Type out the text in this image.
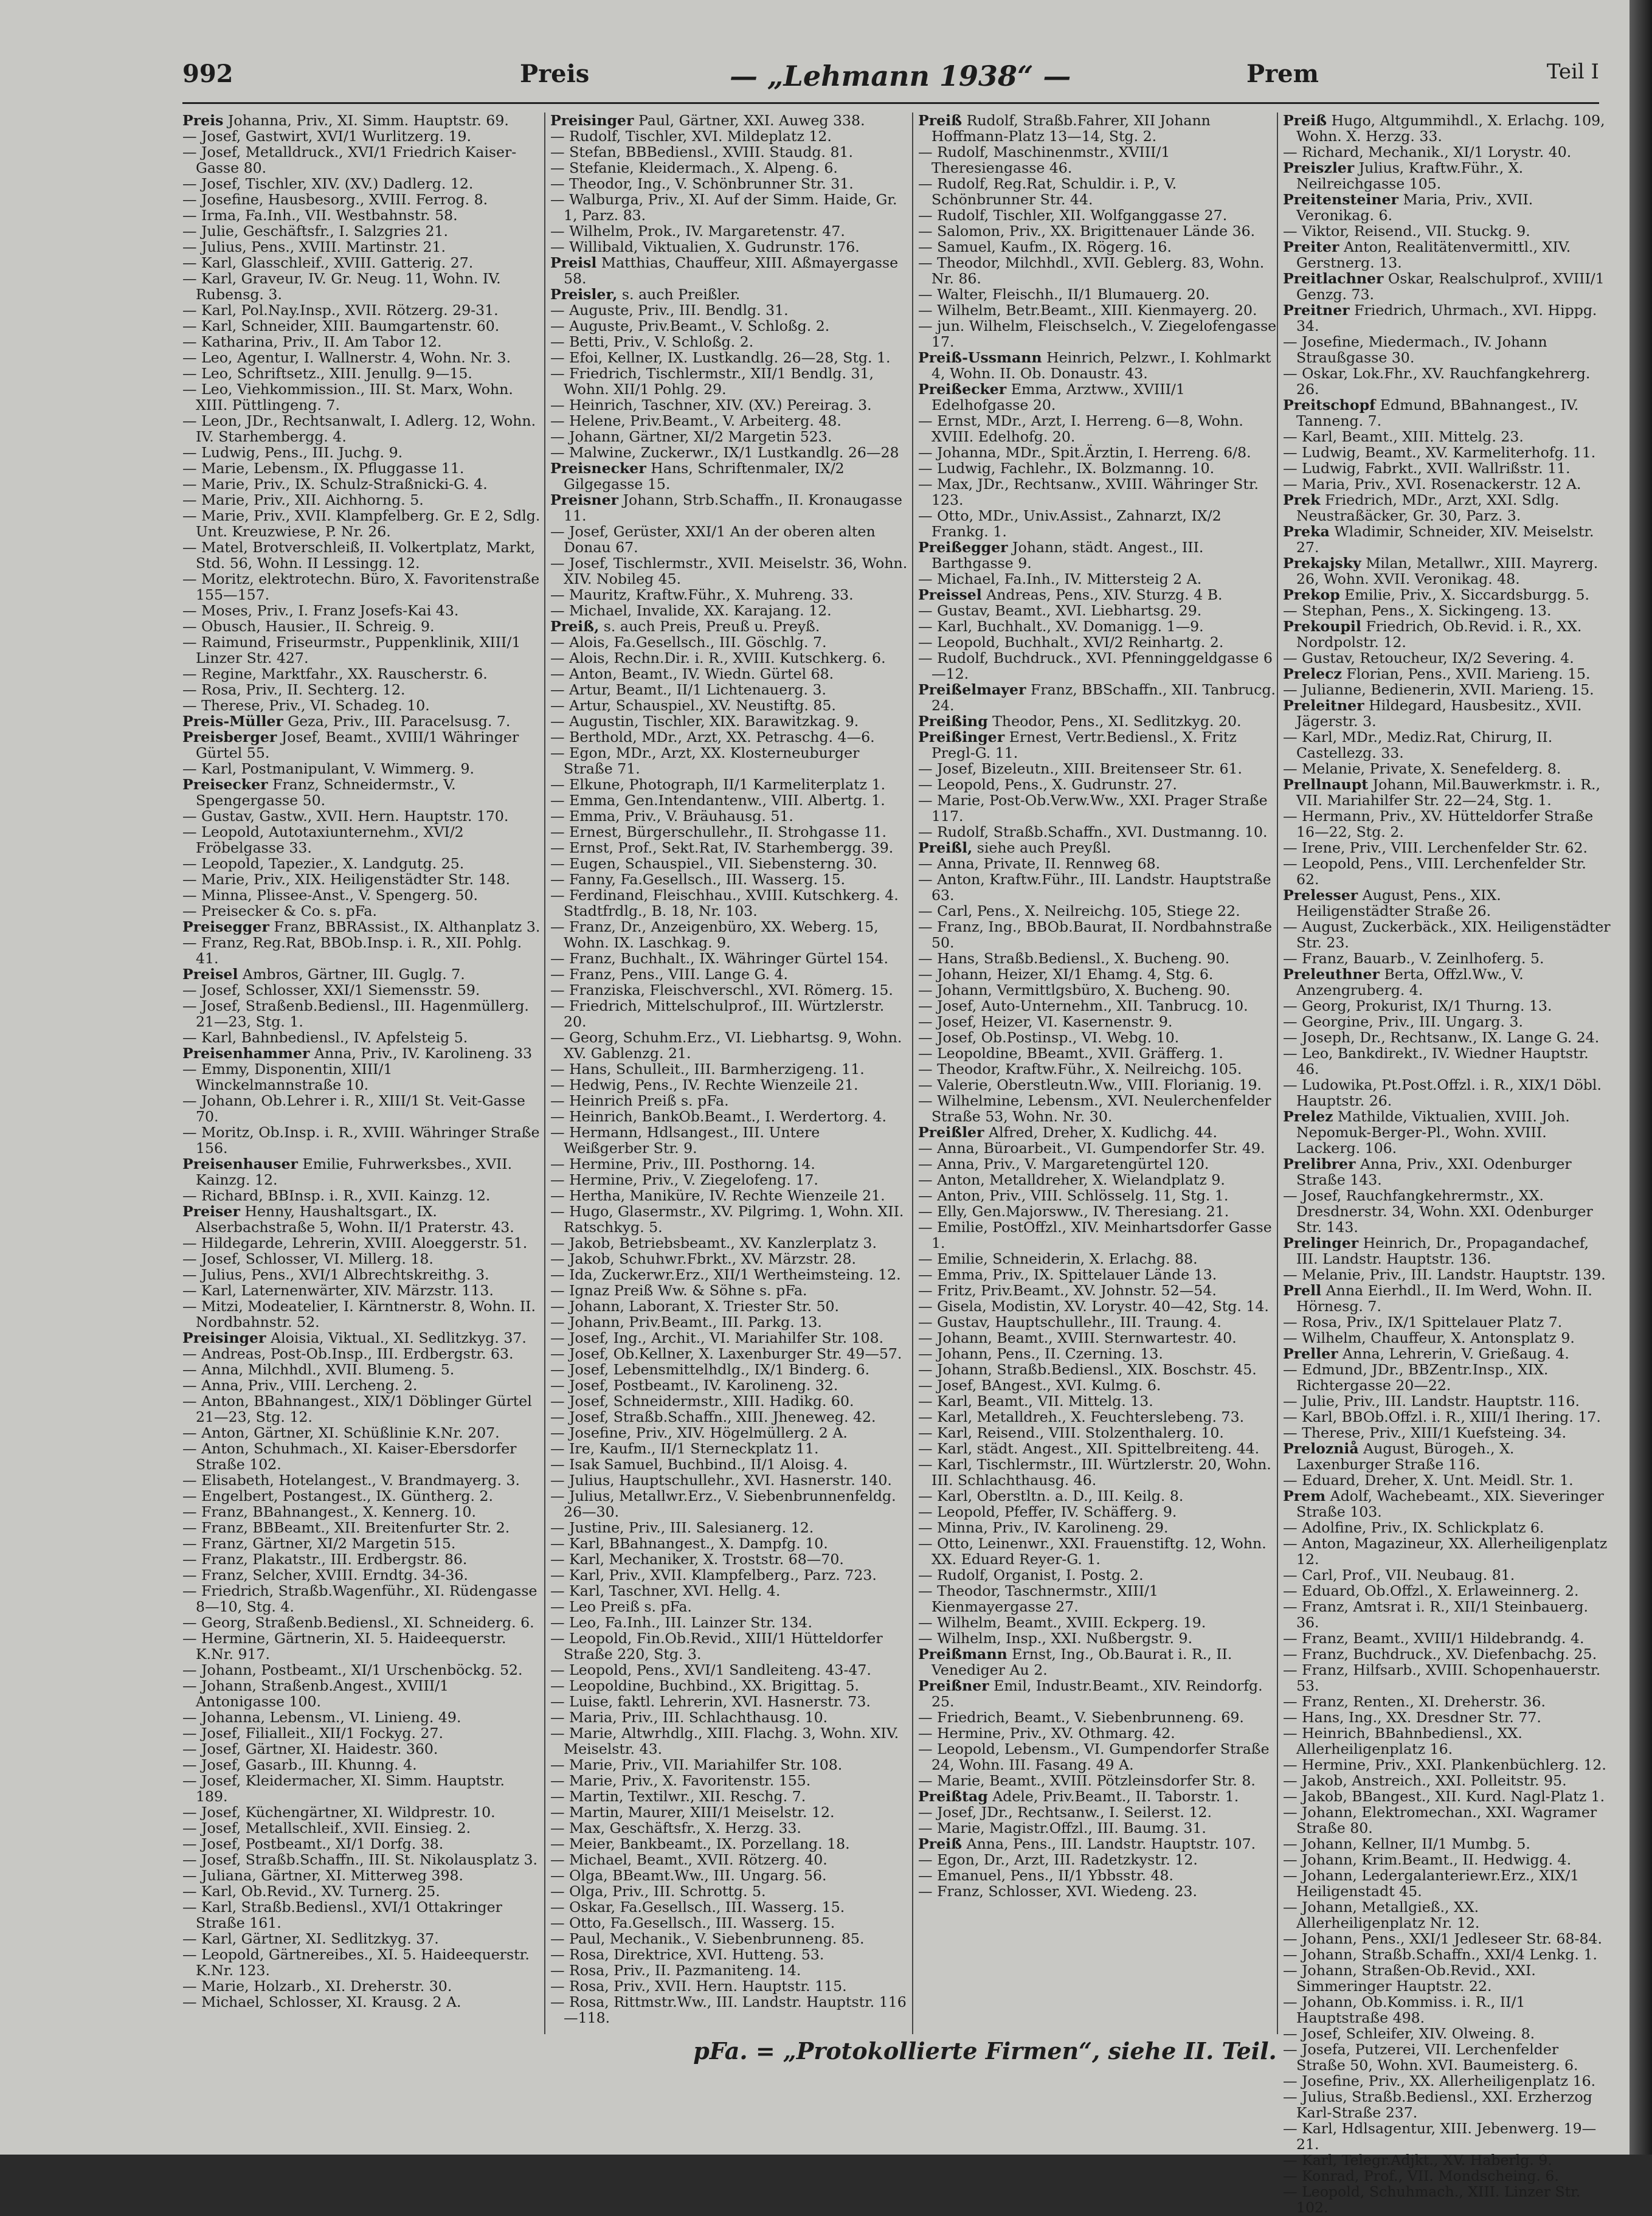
992	Preis	— „Lehmann 1938“ —	Prem	Teil I

Preis Johanna, Priv., XI. Simm. Hauptstr. 69.

— Josef, Gastwirt, XVI/1 Wurlitzerg. 19.

— Josef, Metalldruck., XVI/1 Friedrich Kaiser-Gasse 80.

— Josef, Tischler, XIV. (XV.) Dadlerg. 12.

— Josefine, Hausbesorg., XVIII. Ferrog. 8.

— Irma, Fa.Inh., VII. Westbahnstr. 58.

— Julie, Geschäftsfr., I. Salzgries 21.

— Julius, Pens., XVIII. Martinstr. 21.

— Karl, Glasschleif., XVIII. Gatterig. 27.

— Karl, Graveur, IV. Gr. Neug. 11, Wohn. IV. Rubensg. 3.

— Karl, Pol.Nay.Insp., XVII. Rötzerg. 29-31.

— Karl, Schneider, XIII. Baumgartenstr. 60.

— Katharina, Priv., II. Am Tabor 12.

— Leo, Agentur, I. Wallnerstr. 4, Wohn. Nr. 3.

— Leo, Schriftsetz., XIII. Jenullg. 9—15.

— Leo, Viehkommission., III. St. Marx, Wohn. XIII. Püttlingeng. 7.

— Leon, JDr., Rechtsanwalt, I. Adlerg. 12, Wohn. IV. Starhembergg. 4.

— Ludwig, Pens., III. Juchg. 9.

— Marie, Lebensm., IX. Pfluggasse 11.

— Marie, Priv., IX. Schulz-Straßnicki-G. 4.

— Marie, Priv., XII. Aichhorng. 5.

— Marie, Priv., XVII. Klampfelberg. Gr. E 2, Sdlg. Unt. Kreuzwiese, P. Nr. 26.

— Matel, Brotverschleiß, II. Volkertplatz, Markt, Std. 56, Wohn. II Lessingg. 12.

— Moritz, elektrotechn. Büro, X. Favoritenstraße 155—157.

— Moses, Priv., I. Franz Josefs-Kai 43.

— Obusch, Hausier., II. Schreig. 9.

— Raimund, Friseurmstr., Puppenklinik, XIII/1 Linzer Str. 427.

— Regine, Marktfahr., XX. Rauscherstr. 6.

— Rosa, Priv., II. Sechterg. 12.

— Therese, Priv., VI. Schadeg. 10.

Preis-Müller Geza, Priv., III. Paracelsusg. 7.

Preisberger Josef, Beamt., XVIII/1 Währinger Gürtel 55.

— Karl, Postmanipulant, V. Wimmerg. 9.

Preisecker Franz, Schneidermstr., V. Spengergasse 50.

— Gustav, Gastw., XVII. Hern. Hauptstr. 170.

— Leopold, Autotaxiunternehm., XVI/2 Fröbelgasse 33.

— Leopold, Tapezier., X. Landgutg. 25.

— Marie, Priv., XIX. Heiligenstädter Str. 148.

— Minna, Plissee-Anst., V. Spengerg. 50.

— Preisecker & Co. s. pFa.

Preisegger Franz, BBRAssist., IX. Althanplatz 3.

— Franz, Reg.Rat, BBOb.Insp. i. R., XII. Pohlg. 41.

Preisel Ambros, Gärtner, III. Guglg. 7.

— Josef, Schlosser, XXI/1 Siemensstr. 59.

— Josef, Straßenb.Bediensl., III. Hagenmüllerg. 21—23, Stg. 1.

— Karl, Bahnbediensl., IV. Apfelsteig 5.

Preisenhammer Anna, Priv., IV. Karolineng. 33

— Emmy, Disponentin, XIII/1 Winckelmannstraße 10.

— Johann, Ob.Lehrer i. R., XIII/1 St. Veit-Gasse 70.

— Moritz, Ob.Insp. i. R., XVIII. Währinger Straße 156.

Preisenhauser Emilie, Fuhrwerksbes., XVII. Kainzg. 12.

— Richard, BBInsp. i. R., XVII. Kainzg. 12.

Preiser Henny, Haushaltsgart., IX. Alserbachstraße 5, Wohn. II/1 Praterstr. 43.

— Hildegarde, Lehrerin, XVIII. Aloeggerstr. 51.

— Josef, Schlosser, VI. Millerg. 18.

— Julius, Pens., XVI/1 Albrechtskreithg. 3.

— Karl, Laternenwärter, XIV. Märzstr. 113.

— Mitzi, Modeatelier, I. Kärntnerstr. 8, Wohn. II. Nordbahnstr. 52.

Preisinger Aloisia, Viktual., XI. Sedlitzkyg. 37.

— Andreas, Post-Ob.Insp., III. Erdbergstr. 63.

— Anna, Milchhdl., XVII. Blumeng. 5.

— Anna, Priv., VIII. Lercheng. 2.

— Anton, BBahnangest., XIX/1 Döblinger Gürtel 21—23, Stg. 12.

— Anton, Gärtner, XI. Schüßlinie K.Nr. 207.

— Anton, Schuhmach., XI. Kaiser-Ebersdorfer Straße 102.

— Elisabeth, Hotelangest., V. Brandmayerg. 3.

— Engelbert, Postangest., IX. Güntherg. 2.

— Franz, BBahnangest., X. Kennerg. 10.

— Franz, BBBeamt., XII. Breitenfurter Str. 2.

— Franz, Gärtner, XI/2 Margetin 515.

— Franz, Plakatstr., III. Erdbergstr. 86.

— Franz, Selcher, XVIII. Erndtg. 34-36.

— Friedrich, Straßb.Wagenführ., XI. Rüdengasse 8—10, Stg. 4.

— Georg, Straßenb.Bediensl., XI. Schneiderg. 6.

— Hermine, Gärtnerin, XI. 5. Haideequerstr. K.Nr. 917.

— Johann, Postbeamt., XI/1 Urschenböckg. 52.

— Johann, Straßenb.Angest., XVIII/1 Antonigasse 100.

— Johanna, Lebensm., VI. Linieng. 49.

— Josef, Filialleit., XII/1 Fockyg. 27.

— Josef, Gärtner, XI. Haidestr. 360.

— Josef, Gasarb., III. Khunng. 4.

— Josef, Kleidermacher, XI. Simm. Hauptstr. 189.

— Josef, Küchengärtner, XI. Wildprestr. 10.

— Josef, Metallschleif., XVII. Einsieg. 2.

— Josef, Postbeamt., XI/1 Dorfg. 38.

— Josef, Straßb.Schaffn., III. St. Nikolausplatz 3.

— Juliana, Gärtner, XI. Mitterweg 398.

— Karl, Ob.Revid., XV. Turnerg. 25.

— Karl, Straßb.Bediensl., XVI/1 Ottakringer Straße 161.

— Karl, Gärtner, XI. Sedlitzkyg. 37.

— Leopold, Gärtnereibes., XI. 5. Haideequerstr. K.Nr. 123.

— Marie, Holzarb., XI. Dreherstr. 30.

— Michael, Schlosser, XI. Krausg. 2 A.

Preisinger Paul, Gärtner, XXI. Auweg 338.

— Rudolf, Tischler, XVI. Mildeplatz 12.

— Stefan, BBBediensl., XVIII. Staudg. 81.

— Stefanie, Kleidermach., X. Alpeng. 6.

— Theodor, Ing., V. Schönbrunner Str. 31.

— Walburga, Priv., XI. Auf der Simm. Haide, Gr. 1, Parz. 83.

— Wilhelm, Prok., IV. Margaretenstr. 47.

— Willibald, Viktualien, X. Gudrunstr. 176.

Preisl Matthias, Chauffeur, XIII. Aßmayergasse 58.

Preisler, s. auch Preißler.

— Auguste, Priv., III. Bendlg. 31.

— Auguste, Priv.Beamt., V. Schloßg. 2.

— Betti, Priv., V. Schloßg. 2.

— Efoi, Kellner, IX. Lustkandlg. 26—28, Stg. 1.

— Friedrich, Tischlermstr., XII/1 Bendlg. 31, Wohn. XII/1 Pohlg. 29.

— Heinrich, Taschner, XIV. (XV.) Pereirag. 3.

— Helene, Priv.Beamt., V. Arbeiterg. 48.

— Johann, Gärtner, XI/2 Margetin 523.

— Malwine, Zuckerwr., IX/1 Lustkandlg. 26—28

Preisnecker Hans, Schriftenmaler, IX/2 Gilgegasse 15.

Preisner Johann, Strb.Schaffn., II. Kronaugasse 11.

— Josef, Gerüster, XXI/1 An der oberen alten Donau 67.

— Josef, Tischlermstr., XVII. Meiselstr. 36, Wohn. XIV. Nobileg 45.

— Mauritz, Kraftw.Führ., X. Muhreng. 33.

— Michael, Invalide, XX. Karajang. 12.

Preiß, s. auch Preis, Preuß u. Preyß.

— Alois, Fa.Gesellsch., III. Göschlg. 7.

— Alois, Rechn.Dir. i. R., XVIII. Kutschkerg. 6.

— Anton, Beamt., IV. Wiedn. Gürtel 68.

— Artur, Beamt., II/1 Lichtenauerg. 3.

— Artur, Schauspiel., XV. Neustiftg. 85.

— Augustin, Tischler, XIX. Barawitzkag. 9.

— Berthold, MDr., Arzt, XX. Petraschg. 4—6.

— Egon, MDr., Arzt, XX. Klosterneuburger Straße 71.

— Elkune, Photograph, II/1 Karmeliterplatz 1.

— Emma, Gen.Intendantenw., VIII. Albertg. 1.

— Emma, Priv., V. Bräuhausg. 51.

— Ernest, Bürgerschullehr., II. Strohgasse 11.

— Ernst, Prof., Sekt.Rat, IV. Starhembergg. 39.

— Eugen, Schauspiel., VII. Siebensterng. 30.

— Fanny, Fa.Gesellsch., III. Wasserg. 15.

— Ferdinand, Fleischhau., XVIII. Kutschkerg. 4. Stadtfrdlg., B. 18, Nr. 103.

— Franz, Dr., Anzeigenbüro, XX. Weberg. 15, Wohn. IX. Laschkag. 9.

— Franz, Buchhalt., IX. Währinger Gürtel 154.

— Franz, Pens., VIII. Lange G. 4.

— Franziska, Fleischverschl., XVI. Römerg. 15.

— Friedrich, Mittelschulprof., III. Würtzlerstr. 20.

— Georg, Schuhm.Erz., VI. Liebhartsg. 9, Wohn. XV. Gablenzg. 21.

— Hans, Schulleit., III. Barmherzigeng. 11.

— Hedwig, Pens., IV. Rechte Wienzeile 21.

— Heinrich Preiß s. pFa.

— Heinrich, BankOb.Beamt., I. Werdertorg. 4.

— Hermann, Hdlsangest., III. Untere Weißgerber Str. 9.

— Hermine, Priv., III. Posthorng. 14.

— Hermine, Priv., V. Ziegelofeng. 17.

— Hertha, Maniküre, IV. Rechte Wienzeile 21.

— Hugo, Glasermstr., XV. Pilgrimg. 1, Wohn. XII. Ratschkyg. 5.

— Jakob, Betriebsbeamt., XV. Kanzlerplatz 3.

— Jakob, Schuhwr.Fbrkt., XV. Märzstr. 28.

— Ida, Zuckerwr.Erz., XII/1 Wertheimsteing. 12.

— Ignaz Preiß Ww. & Söhne s. pFa.

— Johann, Laborant, X. Triester Str. 50.

— Johann, Priv.Beamt., III. Parkg. 13.

— Josef, Ing., Archit., VI. Mariahilfer Str. 108.

— Josef, Ob.Kellner, X. Laxenburger Str. 49—57.

— Josef, Lebensmittelhdlg., IX/1 Binderg. 6.

— Josef, Postbeamt., IV. Karolineng. 32.

— Josef, Schneidermstr., XIII. Hadikg. 60.

— Josef, Straßb.Schaffn., XIII. Jheneweg. 42.

— Josefine, Priv., XIV. Högelmüllerg. 2 A.

— Ire, Kaufm., II/1 Sterneckplatz 11.

— Isak Samuel, Buchbind., II/1 Aloisg. 4.

— Julius, Hauptschullehr., XVI. Hasnerstr. 140.

— Julius, Metallwr.Erz., V. Siebenbrunnenfeldg. 26—30.

— Justine, Priv., III. Salesianerg. 12.

— Karl, BBahnangest., X. Dampfg. 10.

— Karl, Mechaniker, X. Troststr. 68—70.

— Karl, Priv., XVII. Klampfelberg., Parz. 723.

— Karl, Taschner, XVI. Hellg. 4.

— Leo Preiß s. pFa.

— Leo, Fa.Inh., III. Lainzer Str. 134.

— Leopold, Fin.Ob.Revid., XIII/1 Hütteldorfer Straße 220, Stg. 3.

— Leopold, Pens., XVI/1 Sandleiteng. 43-47.

— Leopoldine, Buchbind., XX. Brigittag. 5.

— Luise, faktl. Lehrerin, XVI. Hasnerstr. 73.

— Maria, Priv., III. Schlachthausg. 10.

— Marie, Altwrhdlg., XIII. Flachg. 3, Wohn. XIV. Meiselstr. 43.

— Marie, Priv., VII. Mariahilfer Str. 108.

— Marie, Priv., X. Favoritenstr. 155.

— Martin, Textilwr., XII. Reschg. 7.

— Martin, Maurer, XIII/1 Meiselstr. 12.

— Max, Geschäftsfr., X. Herzg. 33.

— Meier, Bankbeamt., IX. Porzellang. 18.

— Michael, Beamt., XVII. Rötzerg. 40.

— Olga, BBeamt.Ww., III. Ungarg. 56.

— Olga, Priv., III. Schrottg. 5.

— Oskar, Fa.Gesellsch., III. Wasserg. 15.

— Otto, Fa.Gesellsch., III. Wasserg. 15.

— Paul, Mechanik., V. Siebenbrunneng. 85.

— Rosa, Direktrice, XVI. Hutteng. 53.

— Rosa, Priv., II. Pazmaniteng. 14.

— Rosa, Priv., XVII. Hern. Hauptstr. 115.

— Rosa, Rittmstr.Ww., III. Landstr. Hauptstr. 116—118.

Preiß Rudolf, Straßb.Fahrer, XII Johann Hoffmann-Platz 13—14, Stg. 2.

— Rudolf, Maschinenmstr., XVIII/1 Theresiengasse 46.

— Rudolf, Reg.Rat, Schuldir. i. P., V. Schönbrunner Str. 44.

— Rudolf, Tischler, XII. Wolfganggasse 27.

— Salomon, Priv., XX. Brigittenauer Lände 36.

— Samuel, Kaufm., IX. Rögerg. 16.

— Theodor, Milchhdl., XVII. Geblerg. 83, Wohn. Nr. 86.

— Walter, Fleischh., II/1 Blumauerg. 20.

— Wilhelm, Betr.Beamt., XIII. Kienmayerg. 20.

— jun. Wilhelm, Fleischselch., V. Ziegelofengasse 17.

Preiß-Ussmann Heinrich, Pelzwr., I. Kohlmarkt 4, Wohn. II. Ob. Donaustr. 43.

Preißecker Emma, Arztww., XVIII/1 Edelhofgasse 20.

— Ernst, MDr., Arzt, I. Herreng. 6—8, Wohn. XVIII. Edelhofg. 20.

— Johanna, MDr., Spit.Ärztin, I. Herreng. 6/8.

— Ludwig, Fachlehr., IX. Bolzmanng. 10.

— Max, JDr., Rechtsanw., XVIII. Währinger Str. 123.

— Otto, MDr., Univ.Assist., Zahnarzt, IX/2 Frankg. 1.

Preißegger Johann, städt. Angest., III. Barthgasse 9.

— Michael, Fa.Inh., IV. Mittersteig 2 A.

Preissel Andreas, Pens., XIV. Sturzg. 4 B.

— Gustav, Beamt., XVI. Liebhartsg. 29.

— Karl, Buchhalt., XV. Domanigg. 1—9.

— Leopold, Buchhalt., XVI/2 Reinhartg. 2.

— Rudolf, Buchdruck., XVI. Pfenninggeldgasse 6—12.

Preißelmayer Franz, BBSchaffn., XII. Tanbrucg. 24.

Preißing Theodor, Pens., XI. Sedlitzkyg. 20.

Preißinger Ernest, Vertr.Bediensl., X. Fritz Pregl-G. 11.

— Josef, Bizeleutn., XIII. Breitenseer Str. 61.

— Leopold, Pens., X. Gudrunstr. 27.

— Marie, Post-Ob.Verw.Ww., XXI. Prager Straße 117.

— Rudolf, Straßb.Schaffn., XVI. Dustmanng. 10.

Preißl, siehe auch Preyßl.

— Anna, Private, II. Rennweg 68.

— Anton, Kraftw.Führ., III. Landstr. Hauptstraße 63.

— Carl, Pens., X. Neilreichg. 105, Stiege 22.

— Franz, Ing., BBOb.Baurat, II. Nordbahnstraße 50.

— Hans, Straßb.Bediensl., X. Bucheng. 90.

— Johann, Heizer, XI/1 Ehamg. 4, Stg. 6.

— Johann, Vermittlgsbüro, X. Bucheng. 90.

— Josef, Auto-Unternehm., XII. Tanbrucg. 10.

— Josef, Heizer, VI. Kasernenstr. 9.

— Josef, Ob.Postinsp., VI. Webg. 10.

— Leopoldine, BBeamt., XVII. Gräfferg. 1.

— Theodor, Kraftw.Führ., X. Neilreichg. 105.

— Valerie, Oberstleutn.Ww., VIII. Florianig. 19.

— Wilhelmine, Lebensm., XVI. Neulerchenfelder Straße 53, Wohn. Nr. 30.

Preißler Alfred, Dreher, X. Kudlichg. 44.

— Anna, Büroarbeit., VI. Gumpendorfer Str. 49.

— Anna, Priv., V. Margaretengürtel 120.

— Anton, Metalldreher, X. Wielandplatz 9.

— Anton, Priv., VIII. Schlösselg. 11, Stg. 1.

— Elly, Gen.Majorsww., IV. Theresiang. 21.

— Emilie, PostOffzl., XIV. Meinhartsdorfer Gasse 1.

— Emilie, Schneiderin, X. Erlachg. 88.

— Emma, Priv., IX. Spittelauer Lände 13.

— Fritz, Priv.Beamt., XV. Johnstr. 52—54.

— Gisela, Modistin, XV. Lorystr. 40—42, Stg. 14.

— Gustav, Hauptschullehr., III. Traung. 4.

— Johann, Beamt., XVIII. Sternwartestr. 40.

— Johann, Pens., II. Czerning. 13.

— Johann, Straßb.Bediensl., XIX. Boschstr. 45.

— Josef, BAngest., XVI. Kulmg. 6.

— Karl, Beamt., VII. Mittelg. 13.

— Karl, Metalldreh., X. Feuchterslebeng. 73.

— Karl, Reisend., VIII. Stolzenthalerg. 10.

— Karl, städt. Angest., XII. Spittelbreiteng. 44.

— Karl, Tischlermstr., III. Würtzlerstr. 20, Wohn. III. Schlachthausg. 46.

— Karl, Oberstltn. a. D., III. Keilg. 8.

— Leopold, Pfeffer, IV. Schäfferg. 9.

— Minna, Priv., IV. Karolineng. 29.

— Otto, Leinenwr., XXI. Frauenstiftg. 12, Wohn. XX. Eduard Reyer-G. 1.

— Rudolf, Organist, I. Postg. 2.

— Theodor, Taschnermstr., XIII/1 Kienmayergasse 27.

— Wilhelm, Beamt., XVIII. Eckperg. 19.

— Wilhelm, Insp., XXI. Nußbergstr. 9.

Preißmann Ernst, Ing., Ob.Baurat i. R., II. Venediger Au 2.

Preißner Emil, Industr.Beamt., XIV. Reindorfg. 25.

— Friedrich, Beamt., V. Siebenbrunneng. 69.

— Hermine, Priv., XV. Othmarg. 42.

— Leopold, Lebensm., VI. Gumpendorfer Straße 24, Wohn. III. Fasang. 49 A.

— Marie, Beamt., XVIII. Pötzleinsdorfer Str. 8.

Preißtag Adele, Priv.Beamt., II. Taborstr. 1.

— Josef, JDr., Rechtsanw., I. Seilerst. 12.

— Marie, Magistr.Offzl., III. Baumg. 31.

Preiß Anna, Pens., III. Landstr. Hauptstr. 107.

— Egon, Dr., Arzt, III. Radetzkystr. 12.

— Emanuel, Pens., II/1 Ybbsstr. 48.

— Franz, Schlosser, XVI. Wiedeng. 23.

Preiß Hugo, Altgummihdl., X. Erlachg. 109, Wohn. X. Herzg. 33.

— Richard, Mechanik., XI/1 Lorystr. 40.

Preiszler Julius, Kraftw.Führ., X. Neilreichgasse 105.

Preitensteiner Maria, Priv., XVII. Veronikag. 6.

— Viktor, Reisend., VII. Stuckg. 9.

Preiter Anton, Realitätenvermittl., XIV. Gerstnerg. 13.

Preitlachner Oskar, Realschulprof., XVIII/1 Genzg. 73.

Preitner Friedrich, Uhrmach., XVI. Hippg. 34.

— Josefine, Miedermach., IV. Johann Straußgasse 30.

— Oskar, Lok.Fhr., XV. Rauchfangkehrerg. 26.

Preitschopf Edmund, BBahnangest., IV. Tanneng. 7.

— Karl, Beamt., XIII. Mittelg. 23.

— Ludwig, Beamt., XV. Karmeliterhofg. 11.

— Ludwig, Fabrkt., XVII. Wallrißstr. 11.

— Maria, Priv., XVI. Rosenackerstr. 12 A.

Prek Friedrich, MDr., Arzt, XXI. Sdlg. Neustraßäcker, Gr. 30, Parz. 3.

Preka Wladimir, Schneider, XIV. Meiselstr. 27.

Prekajsky Milan, Metallwr., XIII. Mayrerg. 26, Wohn. XVII. Veronikag. 48.

Prekop Emilie, Priv., X. Siccardsburgg. 5.

— Stephan, Pens., X. Sickingeng. 13.

Prekoupil Friedrich, Ob.Revid. i. R., XX. Nordpolstr. 12.

— Gustav, Retoucheur, IX/2 Severing. 4.

Prelecz Florian, Pens., XVII. Marieng. 15.

— Julianne, Bedienerin, XVII. Marieng. 15.

Preleitner Hildegard, Hausbesitz., XVII. Jägerstr. 3.

— Karl, MDr., Mediz.Rat, Chirurg, II. Castellezg. 33.

— Melanie, Private, X. Senefelderg. 8.

Prellnaupt Johann, Mil.Bauwerkmstr. i. R., VII. Mariahilfer Str. 22—24, Stg. 1.

— Hermann, Priv., XV. Hütteldorfer Straße 16—22, Stg. 2.

— Irene, Priv., VIII. Lerchenfelder Str. 62.

— Leopold, Pens., VIII. Lerchenfelder Str. 62.

Prelesser August, Pens., XIX. Heiligenstädter Straße 26.

— August, Zuckerbäck., XIX. Heiligenstädter Str. 23.

— Franz, Bauarb., V. Zeinlhoferg. 5.

Preleuthner Berta, Offzl.Ww., V. Anzengruberg. 4.

— Georg, Prokurist, IX/1 Thurng. 13.

— Georgine, Priv., III. Ungarg. 3.

— Joseph, Dr., Rechtsanw., IX. Lange G. 24.

— Leo, Bankdirekt., IV. Wiedner Hauptstr. 46.

— Ludowika, Pt.Post.Offzl. i. R., XIX/1 Döbl. Hauptstr. 26.

Prelez Mathilde, Viktualien, XVIII. Joh. Nepomuk-Berger-Pl., Wohn. XVIII. Lackerg. 106.

Prelibrer Anna, Priv., XXI. Odenburger Straße 143.

— Josef, Rauchfangkehrermstr., XX. Dresdnerstr. 34, Wohn. XXI. Odenburger Str. 143.

Prelinger Heinrich, Dr., Propagandachef, III. Landstr. Hauptstr. 136.

— Melanie, Priv., III. Landstr. Hauptstr. 139.

Prell Anna Eierhdl., II. Im Werd, Wohn. II. Hörnesg. 7.

— Rosa, Priv., IX/1 Spittelauer Platz 7.

— Wilhelm, Chauffeur, X. Antonsplatz 9.

Preller Anna, Lehrerin, V. Grießaug. 4.

— Edmund, JDr., BBZentr.Insp., XIX. Richtergasse 20—22.

— Julie, Priv., III. Landstr. Hauptstr. 116.

— Karl, BBOb.Offzl. i. R., XIII/1 Ihering. 17.

— Therese, Priv., XIII/1 Kuefsteing. 34.

Prelozniå August, Bürogeh., X. Laxenburger Straße 116.

— Eduard, Dreher, X. Unt. Meidl. Str. 1.

Prem Adolf, Wachebeamt., XIX. Sieveringer Straße 103.

— Adolfine, Priv., IX. Schlickplatz 6.

— Anton, Magazineur, XX. Allerheiligenplatz 12.

— Carl, Prof., VII. Neubaug. 81.

— Eduard, Ob.Offzl., X. Erlaweinnerg. 2.

— Franz, Amtsrat i. R., XII/1 Steinbauerg. 36.

— Franz, Beamt., XVIII/1 Hildebrandg. 4.

— Franz, Buchdruck., XV. Diefenbachg. 25.

— Franz, Hilfsarb., XVIII. Schopenhauerstr. 53.

— Franz, Renten., XI. Dreherstr. 36.

— Hans, Ing., XX. Dresdner Str. 77.

— Heinrich, BBahnbediensl., XX. Allerheiligenplatz 16.

— Hermine, Priv., XXI. Plankenbüchlerg. 12.

— Jakob, Anstreich., XXI. Polleitstr. 95.

— Jakob, BBangest., XII. Kurd. Nagl-Platz 1.

— Johann, Elektromechan., XXI. Wagramer Straße 80.

— Johann, Kellner, II/1 Mumbg. 5.

— Johann, Krim.Beamt., II. Hedwigg. 4.

— Johann, Ledergalanteriewr.Erz., XIX/1 Heiligenstadt 45.

— Johann, Metallgieß., XX. Allerheiligenplatz Nr. 12.

— Johann, Pens., XXI/1 Jedleseer Str. 68-84.

— Johann, Straßb.Schaffn., XXI/4 Lenkg. 1.

— Johann, Straßen-Ob.Revid., XXI. Simmeringer Hauptstr. 22.

— Johann, Ob.Kommiss. i. R., II/1 Hauptstraße 498.

— Josef, Schleifer, XIV. Olweing. 8.

— Josefa, Putzerei, VII. Lerchenfelder Straße 50, Wohn. XVI. Baumeisterg. 6.

— Josefine, Priv., XX. Allerheiligenplatz 16.

— Julius, Straßb.Bediensl., XXI. Erzherzog Karl-Straße 237.

— Karl, Hdlsagentur, XIII. Jebenwerg. 19—21.

— Karl, Telegr.Adjkt., XV. Haberlg. 9.

— Konrad, Prof., VII. Mondscheing. 6.

— Leopold, Schuhmach., XIII. Linzer Str. 102.

pFa. = „Protokollierte Firmen“, siehe II. Teil.
